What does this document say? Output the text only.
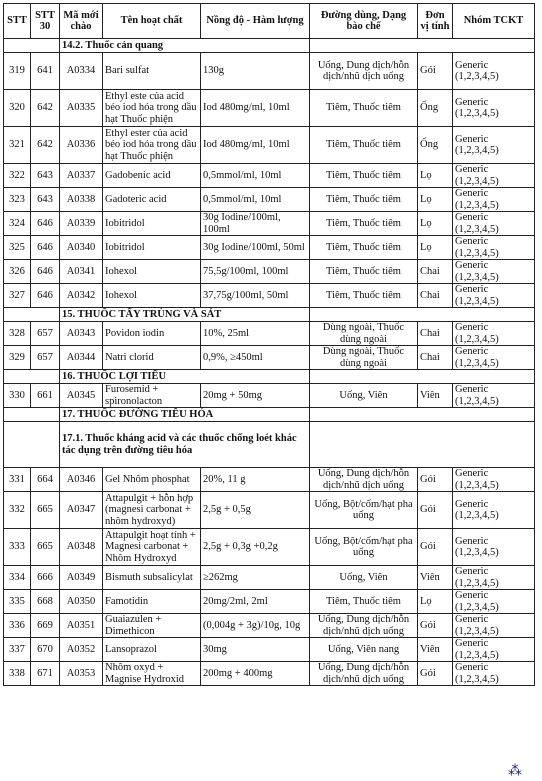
STT	STT 30	Mã mới chào	Tên hoạt chất	Nồng độ - Hàm lượng	Đường dùng, Dạng bào chế	Đơn vị tính	Nhóm TCKT
		14.2. Thuốc cản quang					
319	641	A0334	Bari sulfat	130g	Uống, Dung dịch/hỗn dịch/nhũ dịch uống	Gói	Generic (1,2,3,4,5)
320	642	A0335	Ethyl este của acid béo iod hóa trong dầu hạt Thuốc phiện	Iod 480mg/ml, 10ml	Tiêm, Thuốc tiêm	Ống	Generic (1,2,3,4,5)
321	642	A0336	Ethyl ester của acid béo iod hóa trong dầu hạt Thuốc phiện	Iod 480mg/ml, 10ml	Tiêm, Thuốc tiêm	Ống	Generic (1,2,3,4,5)
322	643	A0337	Gadobenic acid	0,5mmol/ml, 10ml	Tiêm, Thuốc tiêm	Lọ	Generic (1,2,3,4,5)
323	643	A0338	Gadoteric acid	0,5mmol/ml, 10ml	Tiêm, Thuốc tiêm	Lọ	Generic (1,2,3,4,5)
324	646	A0339	Iobitridol	30g Iodine/100ml, 100ml	Tiêm, Thuốc tiêm	Lọ	Generic (1,2,3,4,5)
325	646	A0340	Iobitridol	30g Iodine/100ml, 50ml	Tiêm, Thuốc tiêm	Lọ	Generic (1,2,3,4,5)
326	646	A0341	Iohexol	75,5g/100ml, 100ml	Tiêm, Thuốc tiêm	Chai	Generic (1,2,3,4,5)
327	646	A0342	Iohexol	37,75g/100ml, 50ml	Tiêm, Thuốc tiêm	Chai	Generic (1,2,3,4,5)
		15. THUỐC TẨY TRÙNG VÀ SÁT					
328	657	A0343	Povidon iodin	10%, 25ml	Dùng ngoài, Thuốc dùng ngoài	Chai	Generic (1,2,3,4,5)
329	657	A0344	Natri clorid	0,9%, ≥450ml	Dùng ngoài, Thuốc dùng ngoài	Chai	Generic (1,2,3,4,5)
		16. THUỐC LỢI TIỂU					
330	661	A0345	Furosemid + spironolacton	20mg + 50mg	Uống, Viên	Viên	Generic (1,2,3,4,5)
		17. THUỐC ĐƯỜNG TIÊU HÓA					
		17.1. Thuốc kháng acid và các thuốc chống loét khác tác dụng trên đường tiêu hóa					
331	664	A0346	Gel Nhôm phosphat	20%, 11 g	Uống, Dung dịch/hỗn dịch/nhũ dịch uống	Gói	Generic (1,2,3,4,5)
332	665	A0347	Attapulgit + hỗn hợp (magnesi carbonat + nhôm hydroxyd)	2,5g + 0,5g	Uống, Bột/cốm/hạt pha uống	Gói	Generic (1,2,3,4,5)
333	665	A0348	Attapulgit hoạt tính + Magnesi carbonat + Nhôm Hydroxyd	2,5g + 0,3g +0,2g	Uống, Bột/cốm/hạt pha uống	Gói	Generic (1,2,3,4,5)
334	666	A0349	Bismuth subsalicylat	≥262mg	Uống, Viên	Viên	Generic (1,2,3,4,5)
335	668	A0350	Famotidin	20mg/2ml, 2ml	Tiêm, Thuốc tiêm	Lọ	Generic (1,2,3,4,5)
336	669	A0351	Guaiazulen + Dimethicon	(0,004g + 3g)/10g, 10g	Uống, Dung dịch/hỗn dịch/nhũ dịch uống	Gói	Generic (1,2,3,4,5)
337	670	A0352	Lansoprazol	30mg	Uống, Viên nang	Viên	Generic (1,2,3,4,5)
338	671	A0353	Nhôm oxyd + Magnise Hydroxid	200mg + 400mg	Uống, Dung dịch/hỗn dịch/nhũ dịch uống	Gói	Generic (1,2,3,4,5)
⁂
